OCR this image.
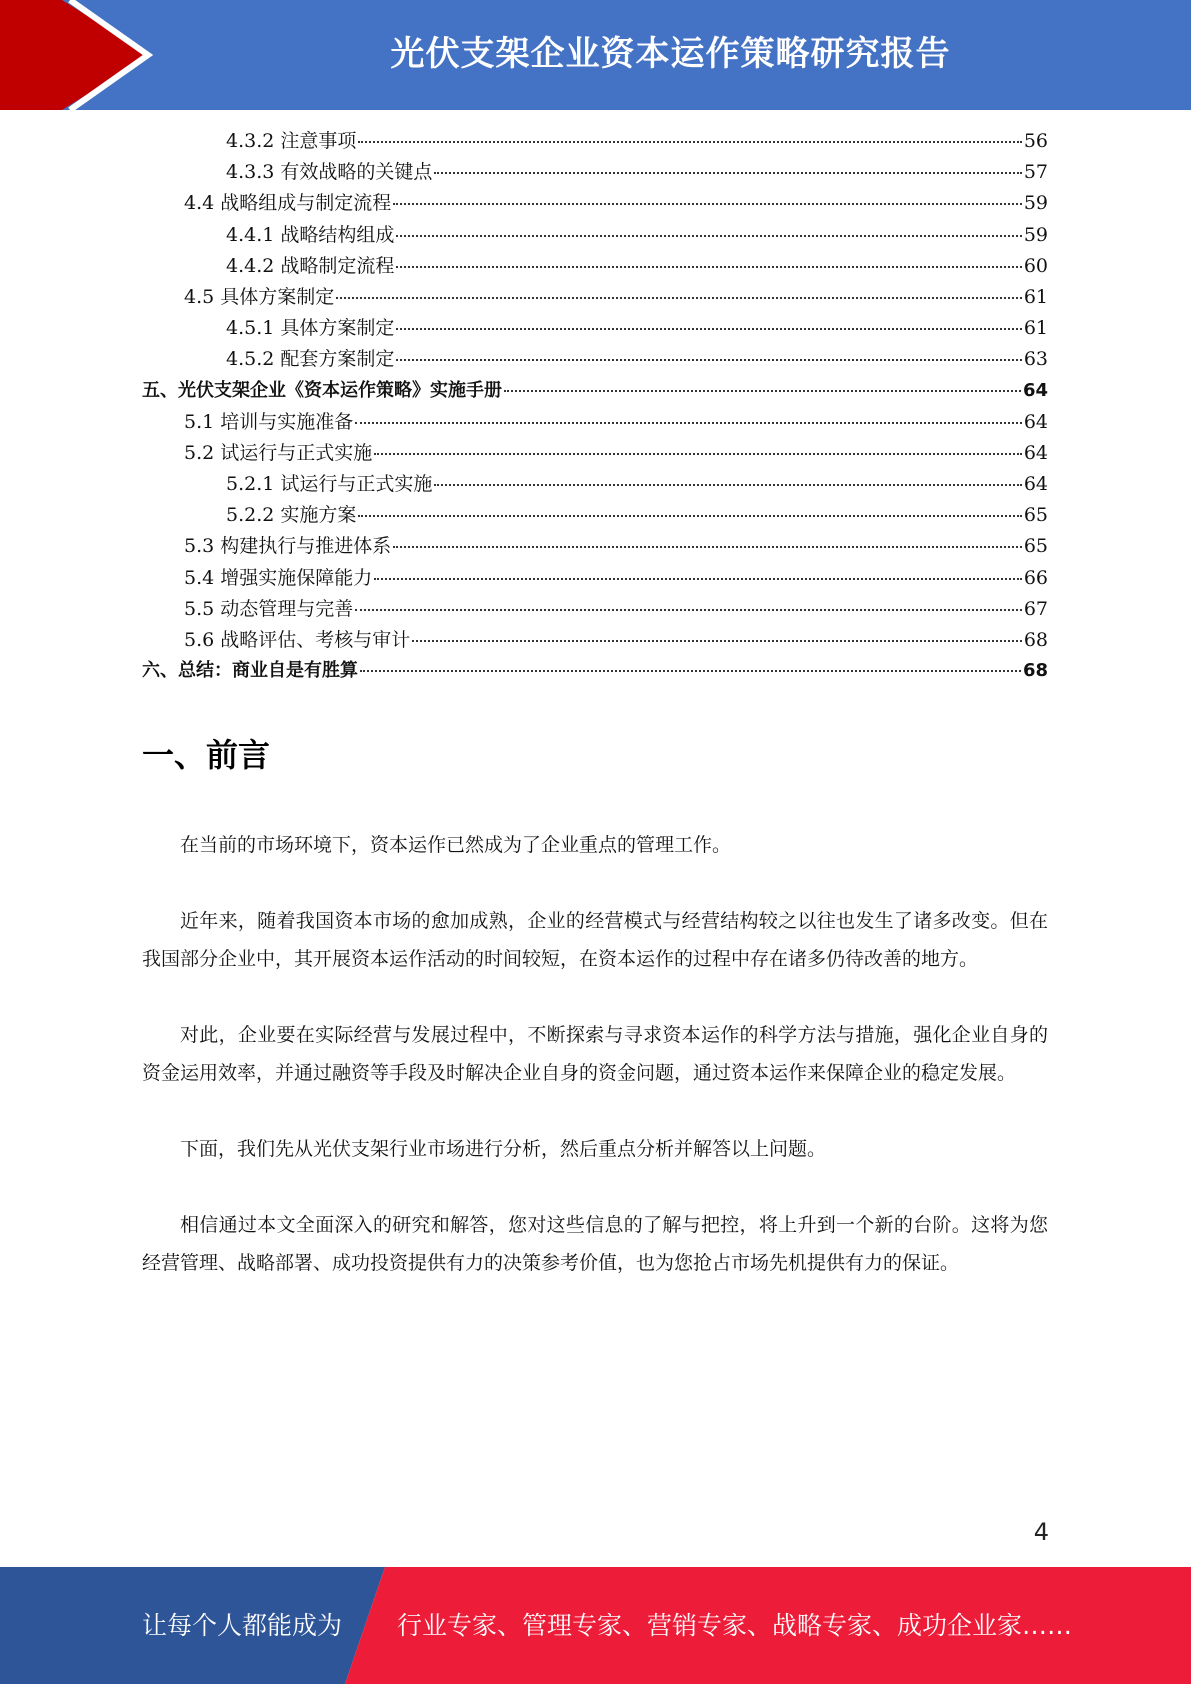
光伏支架企业资本运作策略研究报告
4.3.2 注意事项	56
4.3.3 有效战略的关键点	57
4.4 战略组成与制定流程	59
4.4.1 战略结构组成	59
4.4.2 战略制定流程	60
4.5 具体方案制定	61
4.5.1 具体方案制定	61
4.5.2 配套方案制定	63
五、光伏支架企业《资本运作策略》实施手册	64
5.1 培训与实施准备	64
5.2 试运行与正式实施	64
5.2.1 试运行与正式实施	64
5.2.2 实施方案	65
5.3 构建执行与推进体系	65
5.4 增强实施保障能力	66
5.5 动态管理与完善	67
5.6 战略评估、考核与审计	68
六、总结：商业自是有胜算	68
一、前言

在当前的市场环境下，资本运作已然成为了企业重点的管理工作。

近年来，随着我国资本市场的愈加成熟，企业的经营模式与经营结构较之以往也发生了诸多改变。但在我国部分企业中，其开展资本运作活动的时间较短，在资本运作的过程中存在诸多仍待改善的地方。

对此，企业要在实际经营与发展过程中，不断探索与寻求资本运作的科学方法与措施，强化企业自身的资金运用效率，并通过融资等手段及时解决企业自身的资金问题，通过资本运作来保障企业的稳定发展。

下面，我们先从光伏支架行业市场进行分析，然后重点分析并解答以上问题。

相信通过本文全面深入的研究和解答，您对这些信息的了解与把控，将上升到一个新的台阶。这将为您经营管理、战略部署、成功投资提供有力的决策参考价值，也为您抢占市场先机提供有力的保证。

4
让每个人都能成为 行业专家、管理专家、营销专家、战略专家、成功企业家……
